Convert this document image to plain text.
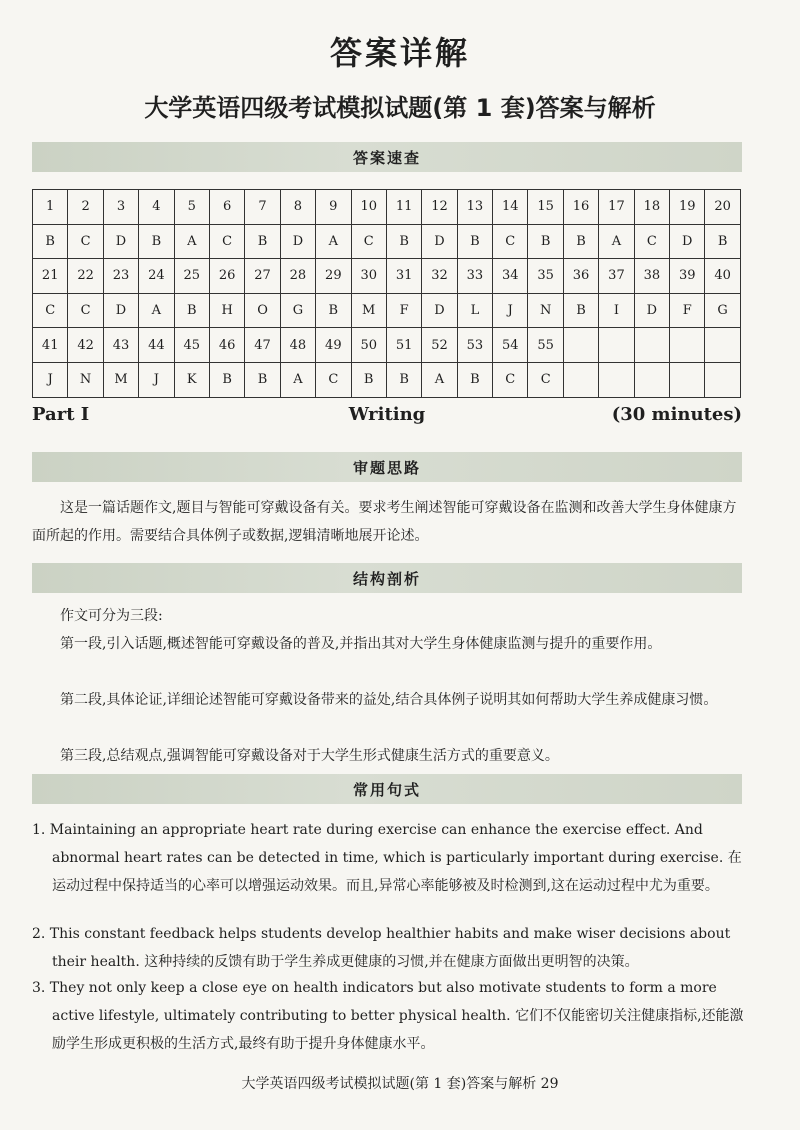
答案详解
大学英语四级考试模拟试题(第 1 套)答案与解析
答案速查
1	2	3	4	5	6	7	8	9	10	11	12	13	14	15	16	17	18	19	20
B	C	D	B	A	C	B	D	A	C	B	D	B	C	B	B	A	C	D	B
21	22	23	24	25	26	27	28	29	30	31	32	33	34	35	36	37	38	39	40
C	C	D	A	B	H	O	G	B	M	F	D	L	J	N	B	I	D	F	G
41	42	43	44	45	46	47	48	49	50	51	52	53	54	55					
J	N	M	J	K	B	B	A	C	B	B	A	B	C	C					
Part Ⅰ	Writing	(30 minutes)
审题思路
这是一篇话题作文,题目与智能可穿戴设备有关。要求考生阐述智能可穿戴设备在监测和改善大学生身体健康方面所起的作用。需要结合具体例子或数据,逻辑清晰地展开论述。
结构剖析
作文可分为三段:
第一段,引入话题,概述智能可穿戴设备的普及,并指出其对大学生身体健康监测与提升的重要作用。
第二段,具体论证,详细论述智能可穿戴设备带来的益处,结合具体例子说明其如何帮助大学生养成健康习惯。
第三段,总结观点,强调智能可穿戴设备对于大学生形式健康生活方式的重要意义。
常用句式
1. Maintaining an appropriate heart rate during exercise can enhance the exercise effect. And abnormal heart rates can be detected in time, which is particularly important during exercise. 在运动过程中保持适当的心率可以增强运动效果。而且,异常心率能够被及时检测到,这在运动过程中尤为重要。
2. This constant feedback helps students develop healthier habits and make wiser decisions about their health. 这种持续的反馈有助于学生养成更健康的习惯,并在健康方面做出更明智的决策。
3. They not only keep a close eye on health indicators but also motivate students to form a more active lifestyle, ultimately contributing to better physical health. 它们不仅能密切关注健康指标,还能激励学生形成更积极的生活方式,最终有助于提升身体健康水平。
大学英语四级考试模拟试题(第 1 套)答案与解析 29
